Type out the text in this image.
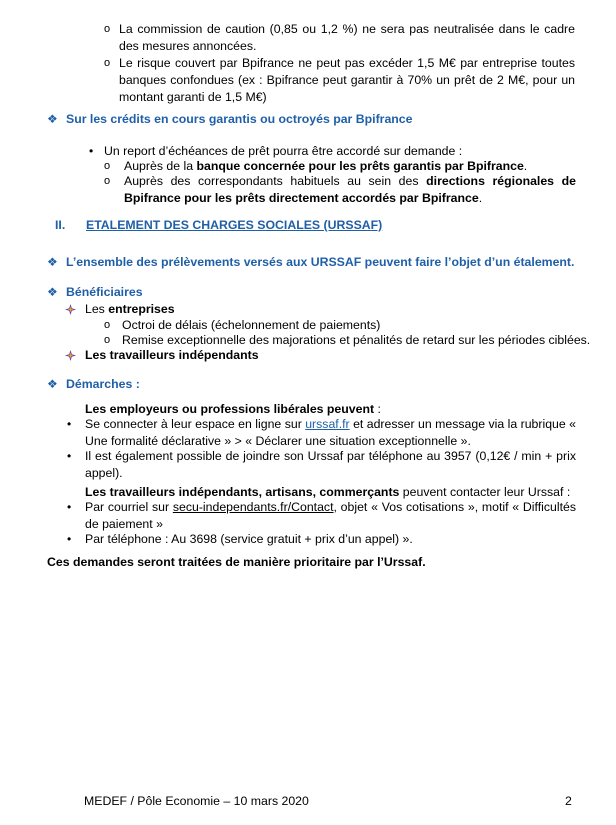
o La commission de caution (0,85 ou 1,2 %) ne sera pas neutralisée dans le cadre des mesures annoncées.
o Le risque couvert par Bpifrance ne peut pas excéder 1,5 M€ par entreprise toutes banques confondues (ex : Bpifrance peut garantir à 70% un prêt de 2 M€, pour un montant garanti de 1,5 M€)
❖ Sur les crédits en cours garantis ou octroyés par Bpifrance
• Un report d’échéances de prêt pourra être accordé sur demande :
o Auprès de la banque concernée pour les prêts garantis par Bpifrance.
o Auprès des correspondants habituels au sein des directions régionales de Bpifrance pour les prêts directement accordés par Bpifrance.
II. ETALEMENT DES CHARGES SOCIALES (URSSAF)
❖ L’ensemble des prélèvements versés aux URSSAF peuvent faire l’objet d’un étalement.
❖ Bénéficiaires
Les entreprises
o Octroi de délais (échelonnement de paiements)
o Remise exceptionnelle des majorations et pénalités de retard sur les périodes ciblées.
Les travailleurs indépendants
❖ Démarches :
Les employeurs ou professions libérales peuvent :
• Se connecter à leur espace en ligne sur urssaf.fr et adresser un message via la rubrique « Une formalité déclarative » > « Déclarer une situation exceptionnelle ».
• Il est également possible de joindre son Urssaf par téléphone au 3957 (0,12€ / min + prix appel).
Les travailleurs indépendants, artisans, commerçants peuvent contacter leur Urssaf :
• Par courriel sur secu-independants.fr/Contact, objet « Vos cotisations », motif « Difficultés de paiement »
• Par téléphone : Au 3698 (service gratuit + prix d’un appel) ».
Ces demandes seront traitées de manière prioritaire par l’Urssaf.
MEDEF / Pôle Economie – 10 mars 2020	2
